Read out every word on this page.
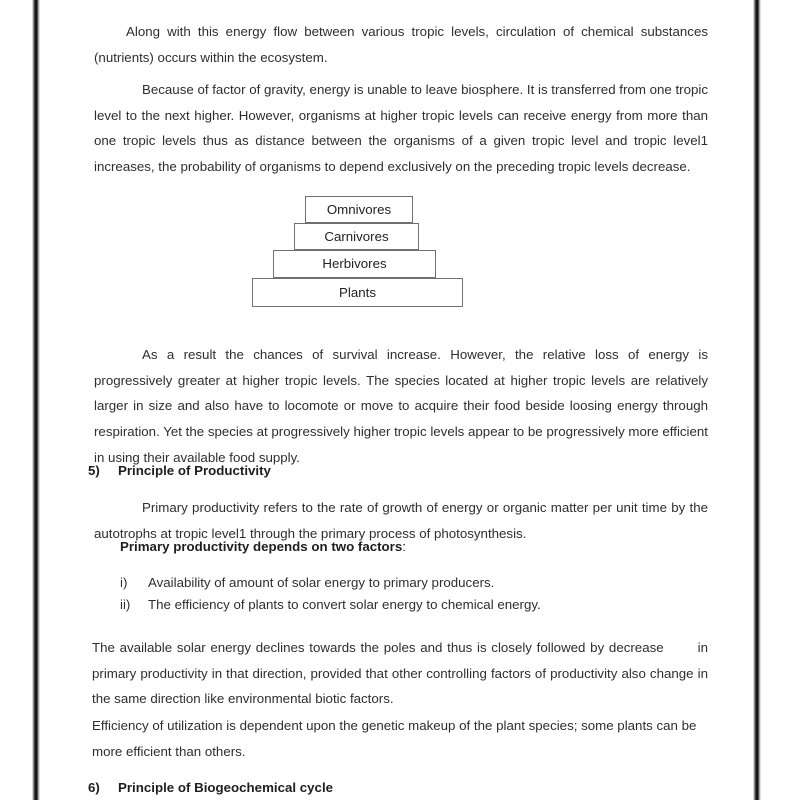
Along with this energy flow between various tropic levels, circulation of chemical substances (nutrients) occurs within the ecosystem.

Because of factor of gravity, energy is unable to leave biosphere. It is transferred from one tropic level to the next higher. However, organisms at higher tropic levels can receive energy from more than one tropic levels thus as distance between the organisms of a given tropic level and tropic level1 increases, the probability of organisms to depend exclusively on the preceding tropic levels decrease.

Omnivores
Carnivores
Herbivores
Plants

As a result the chances of survival increase. However, the relative loss of energy is progressively greater at higher tropic levels. The species located at higher tropic levels are relatively larger in size and also have to locomote or move to acquire their food beside loosing energy through respiration. Yet the species at progressively higher tropic levels appear to be progressively more efficient in using their available food supply.

5) Principle of Productivity

Primary productivity refers to the rate of growth of energy or organic matter per unit time by the autotrophs at tropic level1 through the primary process of photosynthesis.

Primary productivity depends on two factors:
i)	Availability of amount of solar energy to primary producers.
ii)	The efficiency of plants to convert solar energy to chemical energy.

The available solar energy declines towards the poles and thus is closely followed by decrease	in primary productivity in that direction, provided that other controlling factors of productivity also change in the same direction like environmental biotic factors.

Efficiency of utilization is dependent upon the genetic makeup of the plant species; some plants can be more efficient than others.

6) Principle of Biogeochemical cycle
